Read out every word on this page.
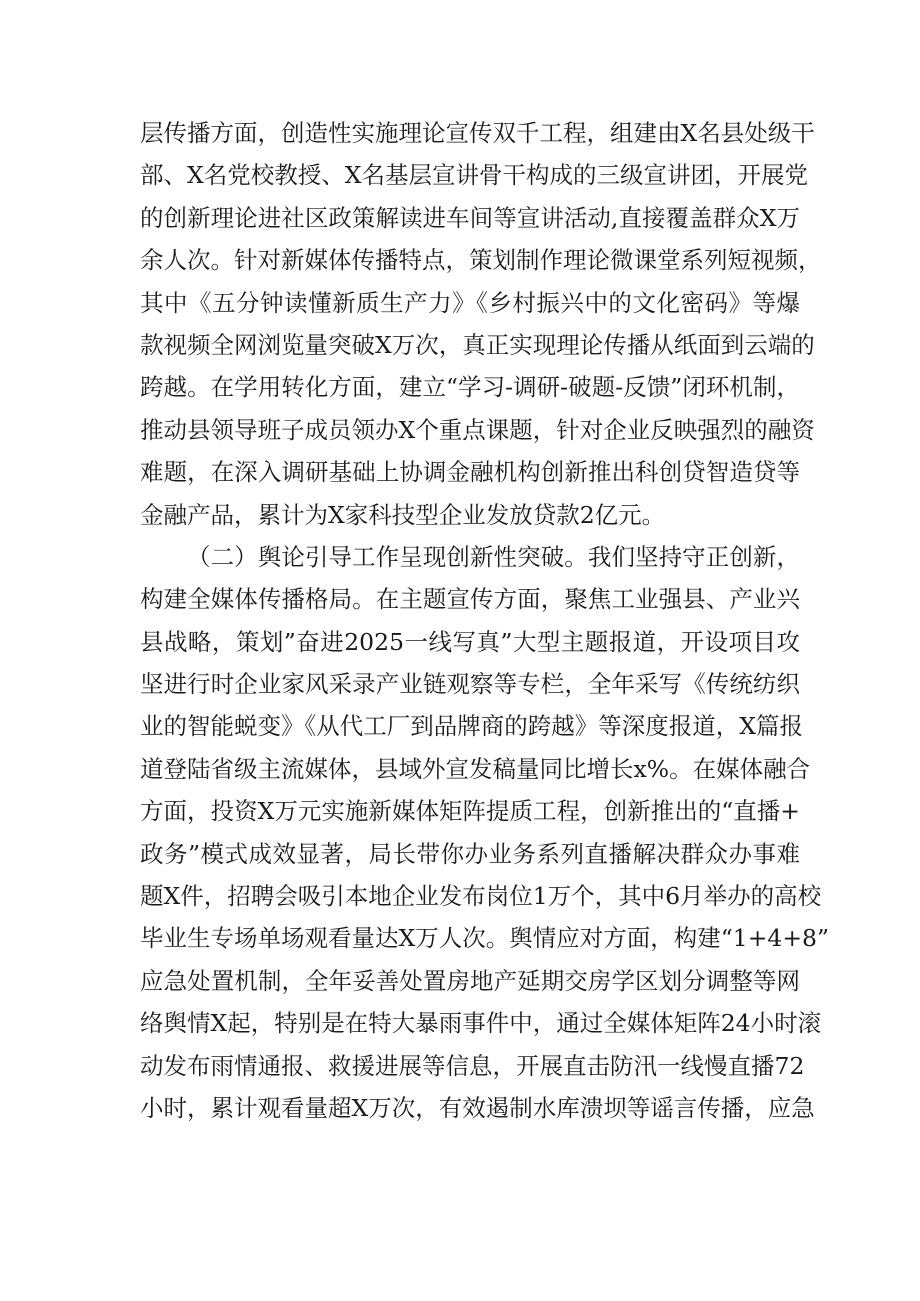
层传播方面，创造性实施理论宣传双千工程，组建由X名县处级干
部、X名党校教授、X名基层宣讲骨干构成的三级宣讲团，开展党
的创新理论进社区政策解读进车间等宣讲活动,直接覆盖群众X万
余人次。针对新媒体传播特点，策划制作理论微课堂系列短视频，
其中《五分钟读懂新质生产力》《乡村振兴中的文化密码》等爆
款视频全网浏览量突破X万次，真正实现理论传播从纸面到云端的
跨越。在学用转化方面，建立“学习-调研-破题-反馈”闭环机制，
推动县领导班子成员领办X个重点课题，针对企业反映强烈的融资
难题，在深入调研基础上协调金融机构创新推出科创贷智造贷等
金融产品，累计为X家科技型企业发放贷款2亿元。
（二）舆论引导工作呈现创新性突破。我们坚持守正创新，
构建全媒体传播格局。在主题宣传方面，聚焦工业强县、产业兴
县战略，策划”奋进2025一线写真”大型主题报道，开设项目攻
坚进行时企业家风采录产业链观察等专栏，全年采写《传统纺织
业的智能蜕变》《从代工厂到品牌商的跨越》等深度报道，X篇报
道登陆省级主流媒体，县域外宣发稿量同比增长x%。在媒体融合
方面，投资X万元实施新媒体矩阵提质工程，创新推出的“直播+
政务”模式成效显著，局长带你办业务系列直播解决群众办事难
题X件，招聘会吸引本地企业发布岗位1万个，其中6月举办的高校
毕业生专场单场观看量达X万人次。舆情应对方面，构建“1+4+8”
应急处置机制，全年妥善处置房地产延期交房学区划分调整等网
络舆情X起，特别是在特大暴雨事件中，通过全媒体矩阵24小时滚
动发布雨情通报、救援进展等信息，开展直击防汛一线慢直播72
小时，累计观看量超X万次，有效遏制水库溃坝等谣言传播，应急
